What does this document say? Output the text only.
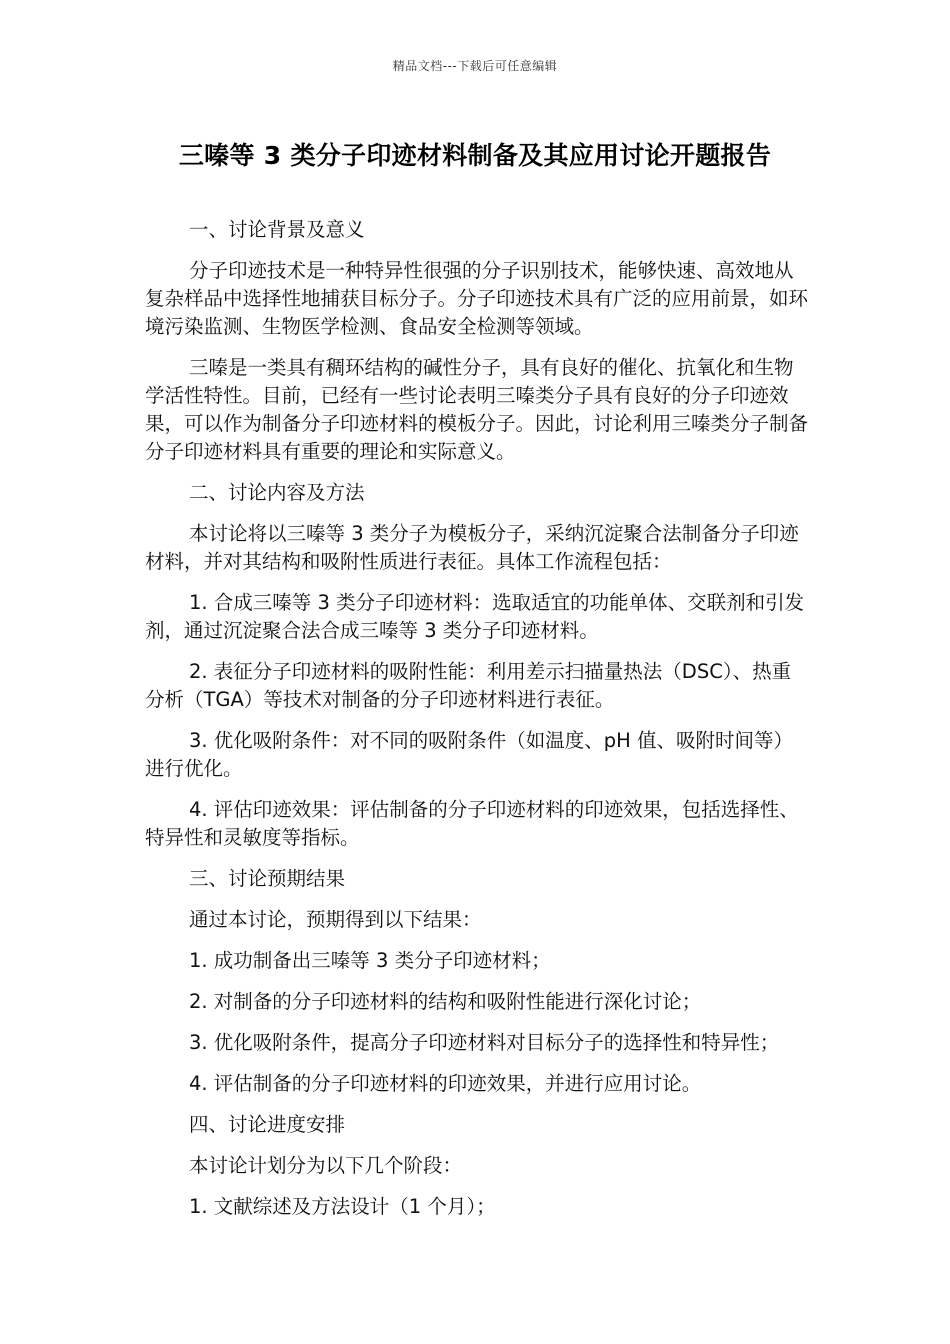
精品文档---下载后可任意编辑
三嗪等 3 类分子印迹材料制备及其应用讨论开题报告

一、讨论背景及意义

分子印迹技术是一种特异性很强的分子识别技术，能够快速、高效地从复杂样品中选择性地捕获目标分子。分子印迹技术具有广泛的应用前景，如环境污染监测、生物医学检测、食品安全检测等领域。

三嗪是一类具有稠环结构的碱性分子，具有良好的催化、抗氧化和生物学活性特性。目前，已经有一些讨论表明三嗪类分子具有良好的分子印迹效果，可以作为制备分子印迹材料的模板分子。因此，讨论利用三嗪类分子制备分子印迹材料具有重要的理论和实际意义。

二、讨论内容及方法

本讨论将以三嗪等 3 类分子为模板分子，采纳沉淀聚合法制备分子印迹材料，并对其结构和吸附性质进行表征。具体工作流程包括：

1. 合成三嗪等 3 类分子印迹材料：选取适宜的功能单体、交联剂和引发剂，通过沉淀聚合法合成三嗪等 3 类分子印迹材料。

2. 表征分子印迹材料的吸附性能：利用差示扫描量热法（DSC）、热重分析（TGA）等技术对制备的分子印迹材料进行表征。

3. 优化吸附条件：对不同的吸附条件（如温度、pH 值、吸附时间等）进行优化。

4. 评估印迹效果：评估制备的分子印迹材料的印迹效果，包括选择性、特异性和灵敏度等指标。

三、讨论预期结果

通过本讨论，预期得到以下结果：

1. 成功制备出三嗪等 3 类分子印迹材料；

2. 对制备的分子印迹材料的结构和吸附性能进行深化讨论；

3. 优化吸附条件，提高分子印迹材料对目标分子的选择性和特异性；

4. 评估制备的分子印迹材料的印迹效果，并进行应用讨论。

四、讨论进度安排

本讨论计划分为以下几个阶段：

1. 文献综述及方法设计（1 个月）；
